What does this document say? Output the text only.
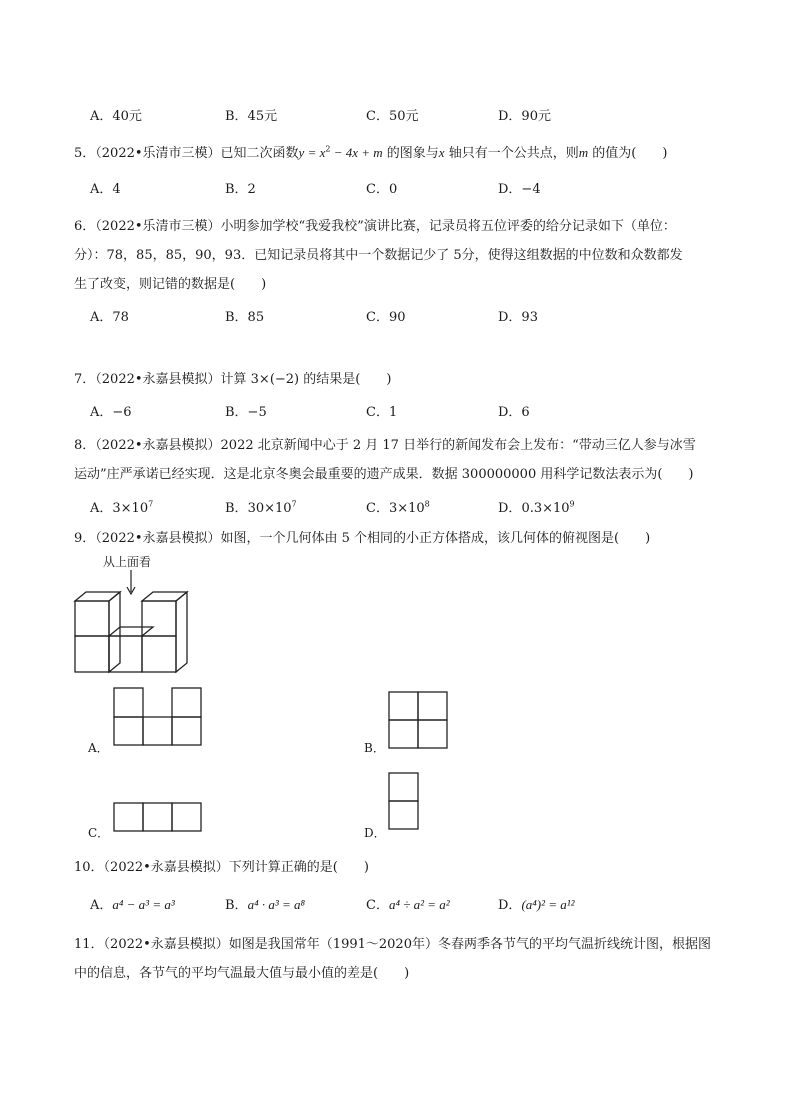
A．40元	B．45元	C．50元	D．90元
5．（2022•乐清市三模）已知二次函数$y = x^2 - 4x + m$ 的图象与x 轴只有一个公共点，则m 的值为(　　)
A．4	B．2	C．0	D．−4
6．（2022•乐清市三模）小明参加学校“我爱我校”演讲比赛，记录员将五位评委的给分记录如下（单位：
分）：78，85，85，90，93．已知记录员将其中一个数据记少了 5分，使得这组数据的中位数和众数都发
生了改变，则记错的数据是(　　)
A．78	B．85	C．90	D．93
7．（2022•永嘉县模拟）计算 3×(−2) 的结果是(　　)
A．−6	B．−5	C．1	D．6
8．（2022•永嘉县模拟）2022 北京新闻中心于 2 月 17 日举行的新闻发布会上发布：“带动三亿人参与冰雪
运动”庄严承诺已经实现．这是北京冬奥会最重要的遗产成果．数据 300000000 用科学记数法表示为(　　)
A．$3\times 10^7$	B．$30\times 10^7$	C．$3\times 10^8$	D．$0.3\times 10^9$
9．（2022•永嘉县模拟）如图，一个几何体由 5 个相同的小正方体搭成，该几何体的俯视图是(　　)
从上面看
A．	B．
C．	D．
10．（2022•永嘉县模拟）下列计算正确的是(　　)
A．a⁴ − a³ = a³	B．a⁴ · a³ = a⁸	C．a⁴ ÷ a² = a²	D．(a⁴)² = a¹²
11．（2022•永嘉县模拟）如图是我国常年（1991～2020年）冬春两季各节气的平均气温折线统计图，根据图
中的信息，各节气的平均气温最大值与最小值的差是(　　)
